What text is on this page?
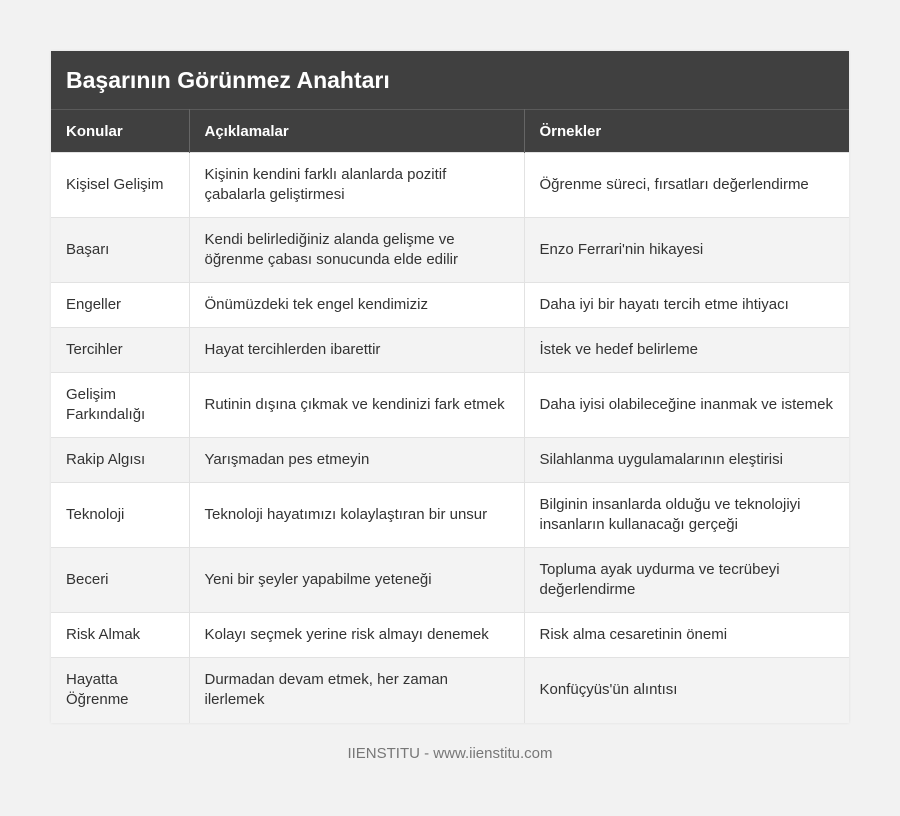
Başarının Görünmez Anahtarı
Konular	Açıklamalar	Örnekler
Kişisel Gelişim	Kişinin kendini farklı alanlarda pozitif çabalarla geliştirmesi	Öğrenme süreci, fırsatları değerlendirme
Başarı	Kendi belirlediğiniz alanda gelişme ve öğrenme çabası sonucunda elde edilir	Enzo Ferrari'nin hikayesi
Engeller	Önümüzdeki tek engel kendimiziz	Daha iyi bir hayatı tercih etme ihtiyacı
Tercihler	Hayat tercihlerden ibarettir	İstek ve hedef belirleme
Gelişim Farkındalığı	Rutinin dışına çıkmak ve kendinizi fark etmek	Daha iyisi olabileceğine inanmak ve istemek
Rakip Algısı	Yarışmadan pes etmeyin	Silahlanma uygulamalarının eleştirisi
Teknoloji	Teknoloji hayatımızı kolaylaştıran bir unsur	Bilginin insanlarda olduğu ve teknolojiyi insanların kullanacağı gerçeği
Beceri	Yeni bir şeyler yapabilme yeteneği	Topluma ayak uydurma ve tecrübeyi değerlendirme
Risk Almak	Kolayı seçmek yerine risk almayı denemek	Risk alma cesaretinin önemi
Hayatta Öğrenme	Durmadan devam etmek, her zaman ilerlemek	Konfüçyüs'ün alıntısı
IIENSTITU - www.iienstitu.com
